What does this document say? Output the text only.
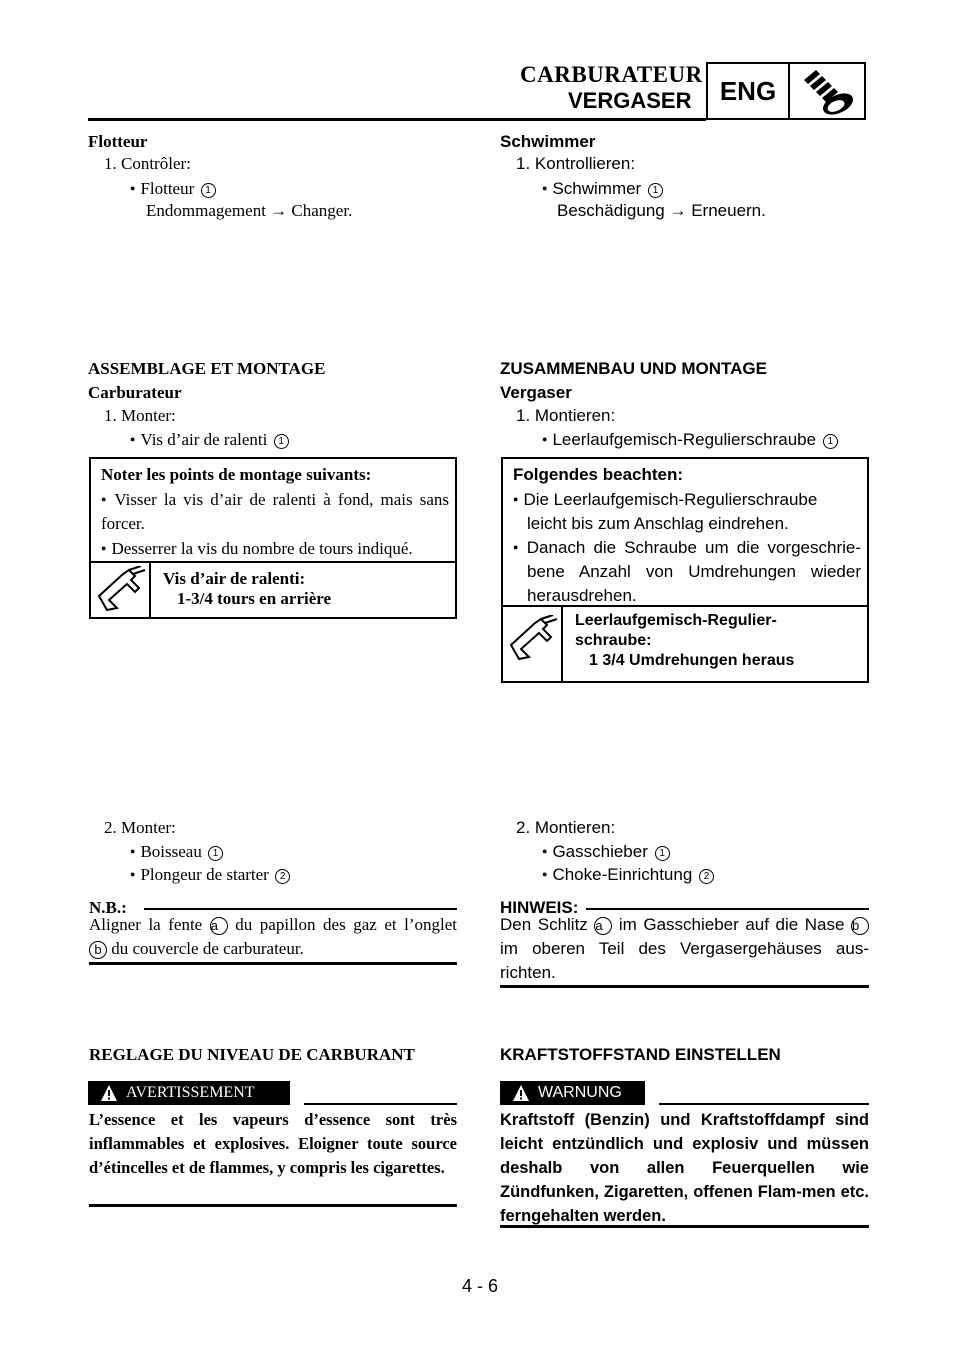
CARBURATEUR
VERGASER	ENG
Flotteur
1. Contrôler:
● Flotteur 1
Endommagement → Changer.
ASSEMBLAGE ET MONTAGE
Carburateur
1. Monter:
● Vis d’air de ralenti 1
Noter les points de montage suivants:
● Visser la vis d’air de ralenti à fond, mais sans forcer.
● Desserrer la vis du nombre de tours indiqué.
Vis d’air de ralenti:
1-3/4 tours en arrière
2. Monter:
● Boisseau 1
● Plongeur de starter 2
N.B.:
Aligner la fente a du papillon des gaz et l’onglet
b du couvercle de carburateur.
REGLAGE DU NIVEAU DE CARBURANT
AVERTISSEMENT
L’essence et les vapeurs d’essence sont très inflammables et explosives. Eloigner toute source d’étincelles et de flammes, y compris les cigarettes.
Schwimmer
1. Kontrollieren:
● Schwimmer 1
Beschädigung → Erneuern.
ZUSAMMENBAU UND MONTAGE
Vergaser
1. Montieren:
● Leerlaufgemisch-Regulierschraube 1
Folgendes beachten:
● Die Leerlaufgemisch-Regulierschraube leicht bis zum Anschlag eindrehen.
● Danach die Schraube um die vorgeschrie-bene Anzahl von Umdrehungen wieder herausdrehen.
Leerlaufgemisch-Regulier-
schraube:
1 3/4 Umdrehungen heraus
2. Montieren:
● Gasschieber 1
● Choke-Einrichtung 2
HINWEIS:
Den Schlitz a im Gasschieber auf die Nase b im oberen Teil des Vergasergehäuses aus-richten.
KRAFTSTOFFSTAND EINSTELLEN
WARNUNG
Kraftstoff (Benzin) und Kraftstoffdampf sind leicht entzündlich und explosiv und müssen deshalb von allen Feuerquellen wie Zündfunken, Zigaretten, offenen Flam-men etc. ferngehalten werden.
4 - 6
